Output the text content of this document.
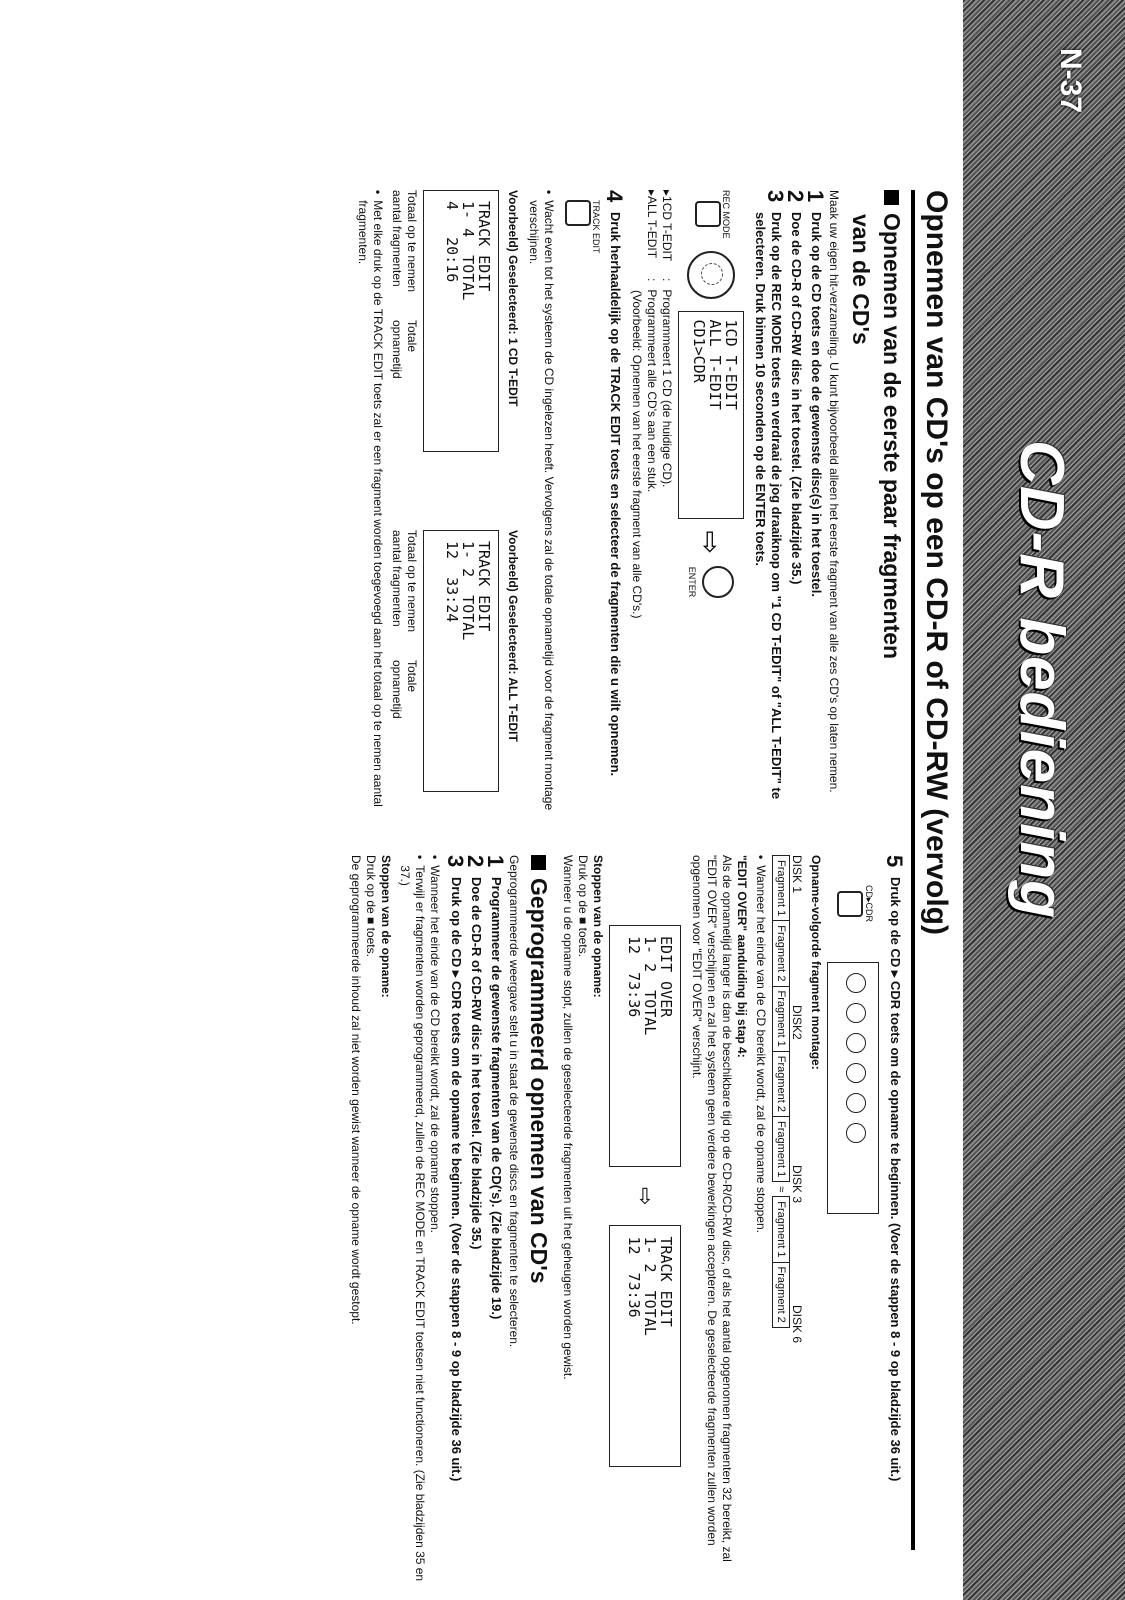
N-37
CD-R bediening
Opnemen van CD's op een CD-R of CD-RW (vervolg)
Opnemen van de eerste paar fragmenten
van de CD's

Maak uw eigen hit-verzameling. U kunt bijvoorbeeld alleen het eerste fragment van alle zes CD's op laten nemen.

1
Druk op de CD toets en doe de gewenste disc(s) in het toestel.
2
Doe de CD-R of CD-RW disc in het toestel. (Zie bladzijde 35.)
3
Druk op de REC MODE toets en verdraai de jog draaiknop om "1 CD T-EDIT" of "ALL T-EDIT" te selecteren. Druk binnen 10 seconden op de ENTER toets.
REC MODE
1CD T-EDIT
ALL T-EDIT
CD1>CDR
⇨
ENTER
▸1CD T-EDIT
:
Programmeert 1 CD (de huidige CD).
▸ALL T-EDIT
:
Programmeert alle CD's aan een stuk.
(Voorbeeld: Opnemen van het eerste fragment van alle CD's.)
4
Druk herhaaldelijk op de TRACK EDIT toets en selecteer de fragmenten die u wilt opnemen.
TRACK EDIT
•
Wacht even tot het systeem de CD ingelezen heeft. Vervolgens zal de totale opnametijd voor de fragment montage verschijnen.
Voorbeeld) Geselecteerd: 1 CD T-EDIT
TRACK EDIT
1- 4  TOTAL
4   20:16
Totaal op te nemen aantal fragmenten
Totale opnametijd
Voorbeeld) Geselecteerd: ALL T-EDIT
TRACK EDIT
1- 2  TOTAL
12  33:24
Totaal op te nemen aantal fragmenten
Totale opnametijd
•
Met elke druk op de TRACK EDIT toets zal er een fragment worden toegevoegd aan het totaal op te nemen aantal fragmenten.
5
Druk op de CD ▸ CDR toets om de opname te beginnen. (Voer de stappen 8 - 9 op bladzijde 36 uit.)
CD▸CDR
Opname-volgorde fragment montage:
DISK 1
DISK2
DISK 3
DISK 6
Fragment 1	Fragment 2	Fragment 1	Fragment 2	Fragment 1	≈	Fragment 1	Fragment 2
•
Wanneer het einde van de CD bereikt wordt, zal de opname stoppen.
"EDIT OVER" aanduiding bij stap 4:

Als de opnametijd langer is dan de beschikbare tijd op de CD-R/CD-RW disc, of als het aantal opgenomen fragmenten 32 bereikt, zal "EDIT OVER" verschijnen en zal het systeem geen verdere bewerkingen accepteren. De geselecteerde fragmenten zullen worden opgenomen voor "EDIT OVER" verschijnt.

EDIT OVER
1- 2  TOTAL
12  73:36
⇨
TRACK EDIT
1- 2  TOTAL
12  73:36
Stoppen van de opname:

Druk op de ■ toets.

Wanneer u de opname stopt, zullen de geselecteerde fragmenten uit het geheugen worden gewist.

Geprogrammeerd opnemen van CD's

Geprogrammeerde weergave stelt u in staat de gewenste discs en fragmenten te selecteren.

1
Programmeer de gewenste fragmenten van de CD('s). (Zie bladzijde 19.)
2
Doe de CD-R of CD-RW disc in het toestel. (Zie bladzijde 35.)
3
Druk op de CD ▸ CDR toets om de opname te beginnen. (Voer de stappen 8 - 9 op bladzijde 36 uit.)
•
Wanneer het einde van de CD bereikt wordt, zal de opname stoppen.
•
Terwijl er fragmenten worden geprogrammeerd, zullen de REC MODE en TRACK EDIT toetsen niet functioneren. (Zie bladzijden 35 en 37.)
Stoppen van de opname:

Druk op de ■ toets.

De geprogrammeerde inhoud zal niet worden gewist wanneer de opname wordt gestopt.
